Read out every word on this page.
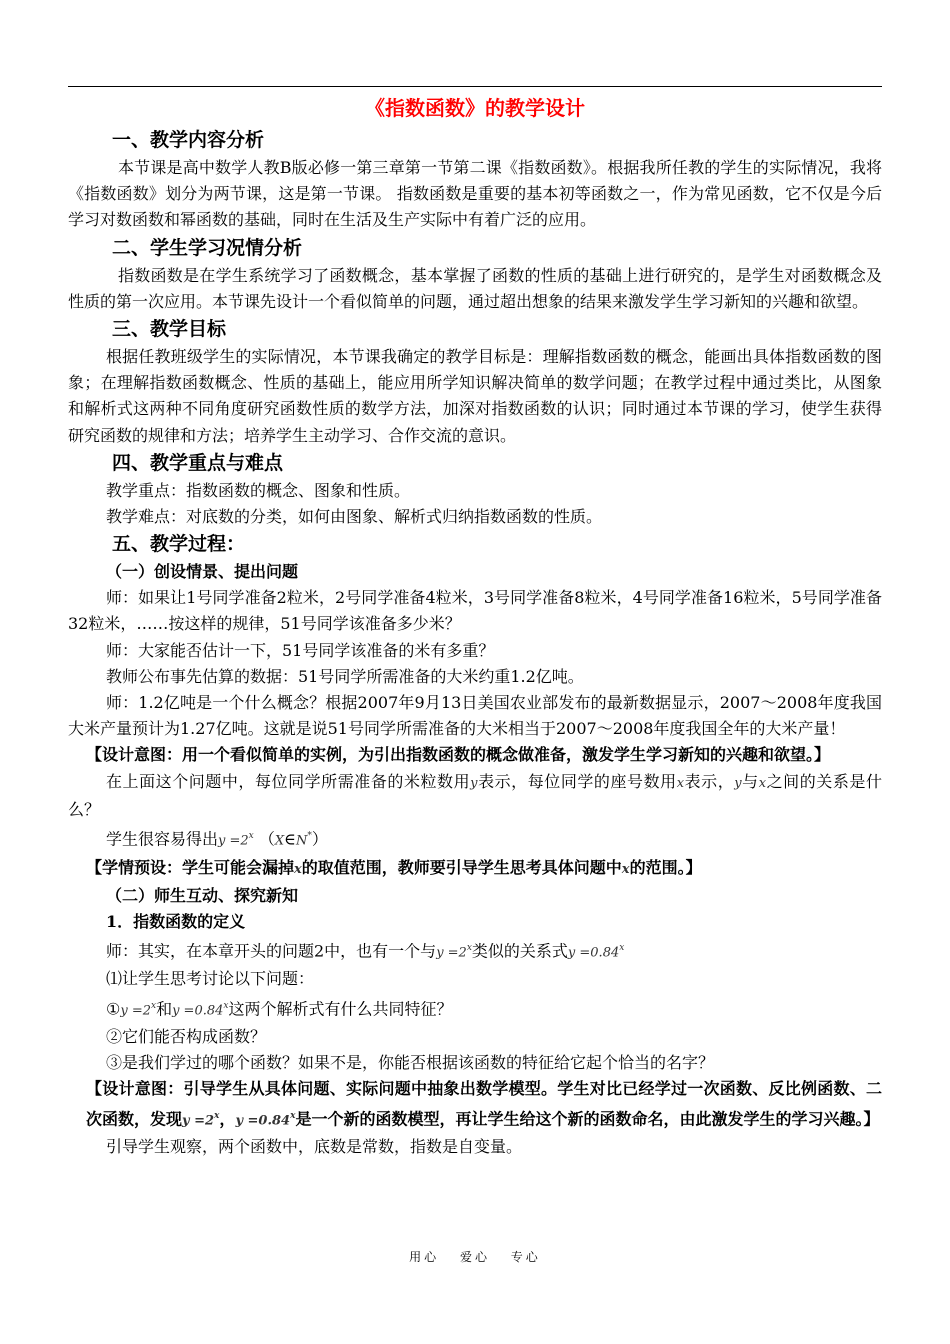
《指数函数》的教学设计
一、教学内容分析

本节课是高中数学人教B版必修一第三章第一节第二课《指数函数》。根据我所任教的学生的实际情况，我将《指数函数》划分为两节课，这是第一节课。 指数函数是重要的基本初等函数之一，作为常见函数，它不仅是今后学习对数函数和幂函数的基础，同时在生活及生产实际中有着广泛的应用。

二、学生学习况情分析

指数函数是在学生系统学习了函数概念，基本掌握了函数的性质的基础上进行研究的，是学生对函数概念及性质的第一次应用。本节课先设计一个看似简单的问题，通过超出想象的结果来激发学生学习新知的兴趣和欲望。

三、教学目标

根据任教班级学生的实际情况，本节课我确定的教学目标是：理解指数函数的概念，能画出具体指数函数的图象；在理解指数函数概念、性质的基础上，能应用所学知识解决简单的数学问题；在教学过程中通过类比，从图象和解析式这两种不同角度研究函数性质的数学方法，加深对指数函数的认识；同时通过本节课的学习，使学生获得研究函数的规律和方法；培养学生主动学习、合作交流的意识。

四、教学重点与难点

教学重点：指数函数的概念、图象和性质。

教学难点：对底数的分类，如何由图象、解析式归纳指数函数的性质。

五、教学过程：
（一）创设情景、提出问题

师：如果让1号同学准备2粒米，2号同学准备4粒米，3号同学准备8粒米，4号同学准备16粒米，5号同学准备32粒米，……按这样的规律，51号同学该准备多少米？

师：大家能否估计一下，51号同学该准备的米有多重？

教师公布事先估算的数据：51号同学所需准备的大米约重1.2亿吨。

师：1.2亿吨是一个什么概念？根据2007年9月13日美国农业部发布的最新数据显示，2007～2008年度我国大米产量预计为1.27亿吨。这就是说51号同学所需准备的大米相当于2007～2008年度我国全年的大米产量！

【设计意图：用一个看似简单的实例，为引出指数函数的概念做准备，激发学生学习新知的兴趣和欲望。】

在上面这个问题中，每位同学所需准备的米粒数用y表示，每位同学的座号数用x表示，y与x之间的关系是什么？

学生很容易得出$y =2^x$ （X∈N*）

【学情预设：学生可能会漏掉x的取值范围，教师要引导学生思考具体问题中x的范围。】

（二）师生互动、探究新知
1．指数函数的定义

师：其实，在本章开头的问题2中，也有一个与$y =2^x$类似的关系式$y =0.84^x$

⑴让学生思考讨论以下问题：

①y $=2^x$和$y =0.84^x$这两个解析式有什么共同特征？

②它们能否构成函数？

③是我们学过的哪个函数？如果不是，你能否根据该函数的特征给它起个恰当的名字？

【设计意图：引导学生从具体问题、实际问题中抽象出数学模型。学生对比已经学过一次函数、反比例函数、二次函数，发现$y =2^x$，$y =0.84^x$是一个新的函数模型，再让学生给这个新的函数命名，由此激发学生的学习兴趣。】

引导学生观察，两个函数中，底数是常数，指数是自变量。

用心 爱心 专心
